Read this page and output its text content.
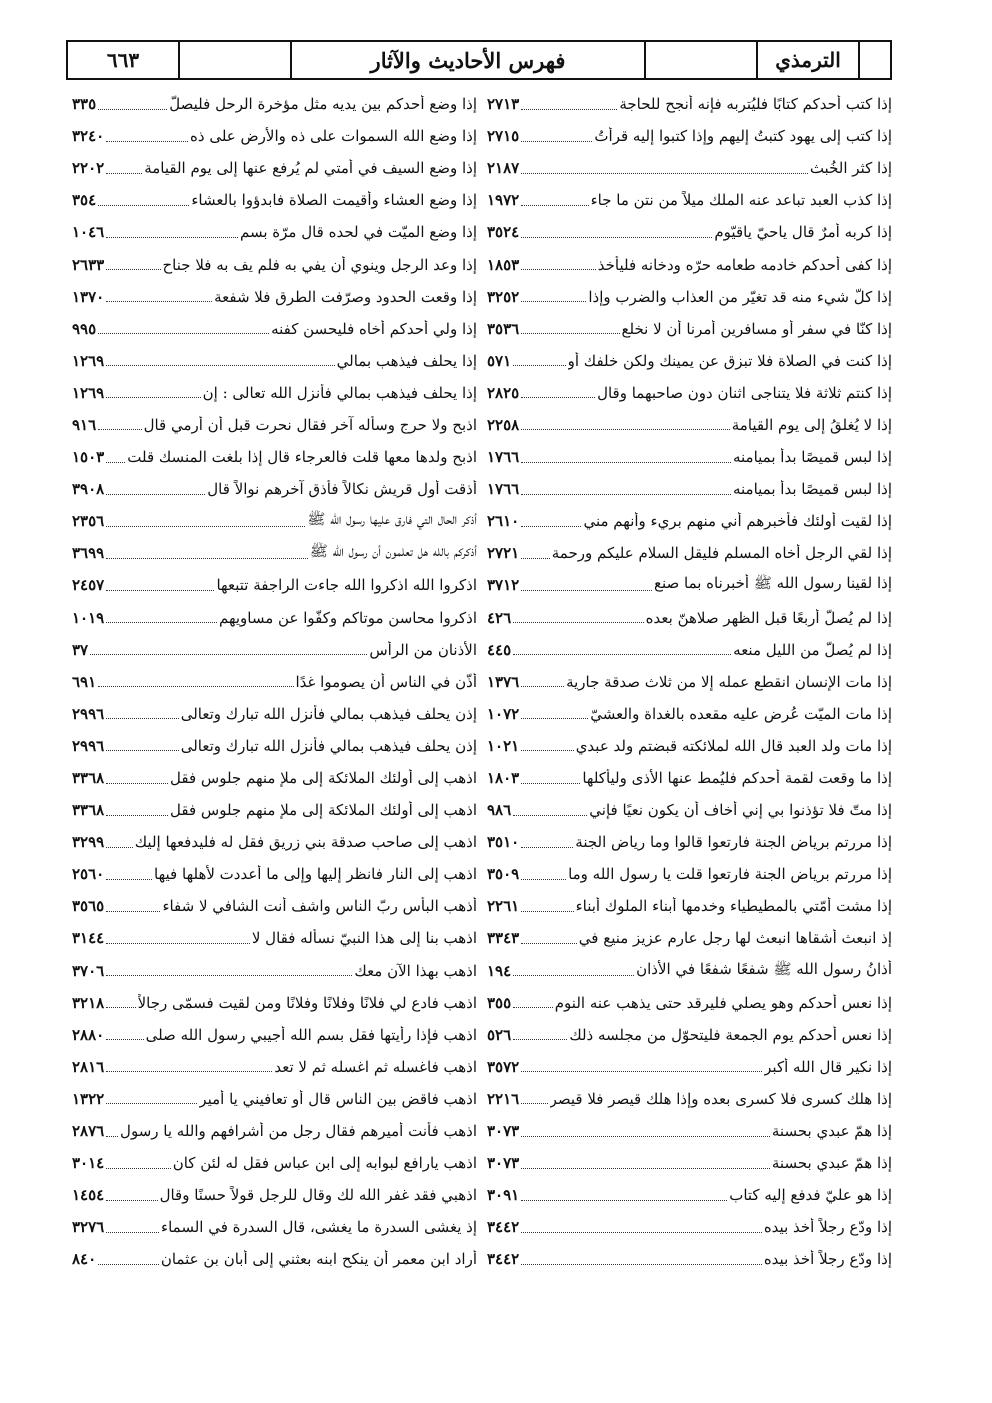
الترمذي
فهرس الأحاديث والآثار
٦٦٣
إذا كتب أحدكم كتابًا فليُتربه فإنه أنجح للحاجة
٢٧١٣
إذا كتب إلى يهود كتبتُ إليهم وإذا كتبوا إليه قرأتُ
٢٧١٥
إذا كثر الخُبث
٢١٨٧
إذا كذب العبد تباعد عنه الملك ميلاً من نتن ما جاء
١٩٧٢
إذا كربه أمرٌ قال ياحيّ ياقيّوم
٣٥٢٤
إذا كفى أحدكم خادمه طعامه حرّه ودخانه فليأخذ
١٨٥٣
إذا كلّ شيء منه قد تغيّر من العذاب والضرب وإذا
٣٢٥٢
إذا كنّا في سفر أو مسافرين أمرنا أن لا نخلع
٣٥٣٦
إذا كنت في الصلاة فلا تبزق عن يمينك ولكن خلفك أو
٥٧١
إذا كنتم ثلاثة فلا يتناجى اثنان دون صاحبهما وقال
٢٨٢٥
إذا لا يُغلقُ إلى يوم القيامة
٢٢٥٨
إذا لبس قميصًا بدأ بميامنه
١٧٦٦
إذا لبس قميصًا بدأ بميامنه
١٧٦٦
إذا لقيت أولئك فأخبرهم أني منهم بريء وأنهم مني
٢٦١٠
إذا لقي الرجل أخاه المسلم فليقل السلام عليكم ورحمة
٢٧٢١
إذا لقينا رسول الله ﷺ أخبرناه بما صنع
٣٧١٢
إذا لم يُصلّ أربعًا قبل الظهر صلاهنّ بعده
٤٢٦
إذا لم يُصلّ من الليل منعه
٤٤٥
إذا مات الإنسان انقطع عمله إلا من ثلاث صدقة جارية
١٣٧٦
إذا مات الميّت عُرض عليه مقعده بالغداة والعشيّ
١٠٧٢
إذا مات ولد العبد قال الله لملائكته قبضتم ولد عبدي
١٠٢١
إذا ما وقعت لقمة أحدكم فليُمط عنها الأذى وليأكلها
١٨٠٣
إذا متّ فلا تؤذنوا بي إني أخاف أن يكون نعيًا فإني
٩٨٦
إذا مررتم برياض الجنة فارتعوا قالوا وما رياض الجنة
٣٥١٠
إذا مررتم برياض الجنة فارتعوا قلت يا رسول الله وما
٣٥٠٩
إذا مشت أمّتي بالمطيطياء وخدمها أبناء الملوك أبناء
٢٢٦١
إذ انبعث أشقاها انبعث لها رجل عارم عزيز منيع في
٣٣٤٣
أذانُ رسول الله ﷺ شفعًا شفعًا في الأذان
١٩٤
إذا نعس أحدكم وهو يصلي فليرقد حتى يذهب عنه النوم
٣٥٥
إذا نعس أحدكم يوم الجمعة فليتحوّل من مجلسه ذلك
٥٢٦
إذا نكير قال الله أكبر
٣٥٧٢
إذا هلك كسرى فلا كسرى بعده وإذا هلك قيصر فلا قيصر
٢٢١٦
إذا همّ عبدي بحسنة
٣٠٧٣
إذا همّ عبدي بحسنة
٣٠٧٣
إذا هو عليّ فدفع إليه كتاب
٣٠٩١
إذا ودّع رجلاً أخذ بيده
٣٤٤٢
إذا ودّع رجلاً أخذ بيده
٣٤٤٢
إذا وضع أحدكم بين يديه مثل مؤخرة الرحل فليصلّ
٣٣٥
إذا وضع الله السموات على ذه والأرض على ذه
٣٢٤٠
إذا وضع السيف في أمتي لم يُرفع عنها إلى يوم القيامة
٢٢٠٢
إذا وضع العشاء وأقيمت الصلاة فابدؤوا بالعشاء
٣٥٤
إذا وضع الميّت في لحده قال مرّة بسم
١٠٤٦
إذا وعد الرجل وينوي أن يفي به فلم يف به فلا جناح
٢٦٣٣
إذا وقعت الحدود وصرّفت الطرق فلا شفعة
١٣٧٠
إذا ولي أحدكم أخاه فليحسن كفنه
٩٩٥
إذا يحلف فيذهب بمالي
١٢٦٩
إذا يحلف فيذهب بمالي فأنزل الله تعالى : إن
١٢٦٩
اذبح ولا حرج وسأله آخر فقال نحرت قبل أن أرمي قال
٩١٦
اذبح ولدها معها قلت فالعرجاء قال إذا بلغت المنسك قلت
١٥٠٣
أذقت أول قريش نكالاً فأذق آخرهم نوالاً قال
٣٩٠٨
أذكر الحال التي فارق عليها رسول الله ﷺ
٢٣٥٦
أذكركم بالله هل تعلمون أن رسول الله ﷺ
٣٦٩٩
اذكروا الله اذكروا الله جاءت الراجفة تتبعها
٢٤٥٧
اذكروا محاسن موتاكم وكفّوا عن مساويهم
١٠١٩
الأذنان من الرأس
٣٧
أذّن في الناس أن يصوموا غدًا
٦٩١
إذن يحلف فيذهب بمالي فأنزل الله تبارك وتعالى
٢٩٩٦
إذن يحلف فيذهب بمالي فأنزل الله تبارك وتعالى
٢٩٩٦
اذهب إلى أولئك الملائكة إلى ملإ منهم جلوس فقل
٣٣٦٨
اذهب إلى أولئك الملائكة إلى ملإ منهم جلوس فقل
٣٣٦٨
اذهب إلى صاحب صدقة بني زريق فقل له فليدفعها إليك
٣٢٩٩
اذهب إلى النار فانظر إليها وإلى ما أعددت لأهلها فيها
٢٥٦٠
أذهب البأس ربّ الناس واشف أنت الشافي لا شفاء
٣٥٦٥
اذهب بنا إلى هذا النبيّ نسأله فقال لا
٣١٤٤
اذهب بهذا الآن معك
٣٧٠٦
اذهب فادع لي فلانًا وفلانًا وفلانًا ومن لقيت فسمّى رجالاً
٣٢١٨
اذهب فإذا رأيتها فقل بسم الله أجيبي رسول الله صلى
٢٨٨٠
اذهب فاغسله ثم اغسله ثم لا تعد
٢٨١٦
اذهب فاقض بين الناس قال أو تعافيني يا أمير
١٣٢٢
اذهب فأنت أميرهم فقال رجل من أشرافهم والله يا رسول
٢٨٧٦
اذهب يارافع لبوابه إلى ابن عباس فقل له لئن كان
٣٠١٤
اذهبي فقد غفر الله لك وقال للرجل قولاً حسنًا وقال
١٤٥٤
إذ يغشى السدرة ما يغشى، قال السدرة في السماء
٣٢٧٦
أراد ابن معمر أن ينكح ابنه بعثني إلى أبان بن عثمان
٨٤٠
